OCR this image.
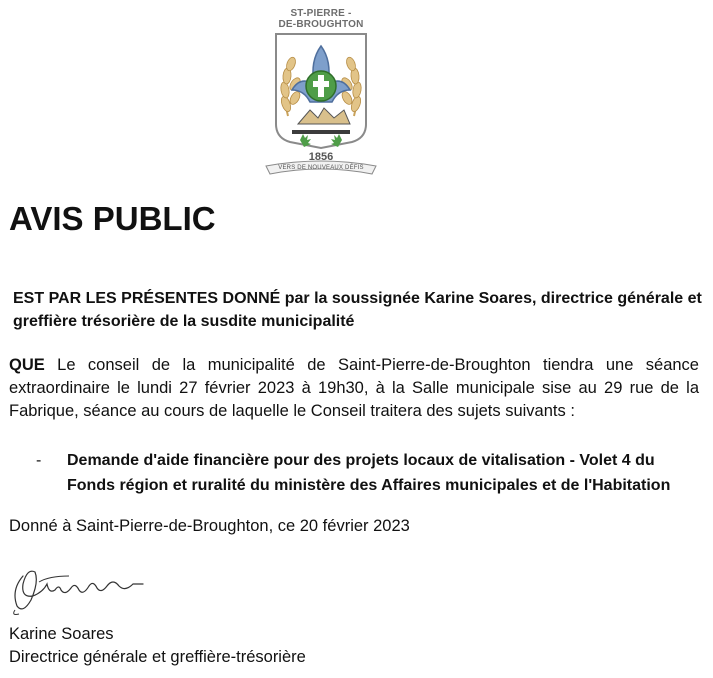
ST-PIERRE -
DE-BROUGHTON
1856
VERS DE NOUVEAUX DÉFIS
AVIS PUBLIC

EST PAR LES PRÉSENTES DONNÉ par la soussignée Karine Soares, directrice générale et greffière trésorière de la susdite municipalité

QUE Le conseil de la municipalité de Saint-Pierre-de-Broughton tiendra une séance extraordinaire le lundi 27 février 2023 à 19h30, à la Salle municipale sise au 29 rue de la Fabrique, séance au cours de laquelle le Conseil traitera des sujets suivants :

-	Demande d'aide financière pour des projets locaux de vitalisation - Volet 4 du Fonds région et ruralité du ministère des Affaires municipales et de l'Habitation

Donné à Saint-Pierre-de-Broughton, ce 20 février 2023

Karine Soares
Directrice générale et greffière-trésorière
